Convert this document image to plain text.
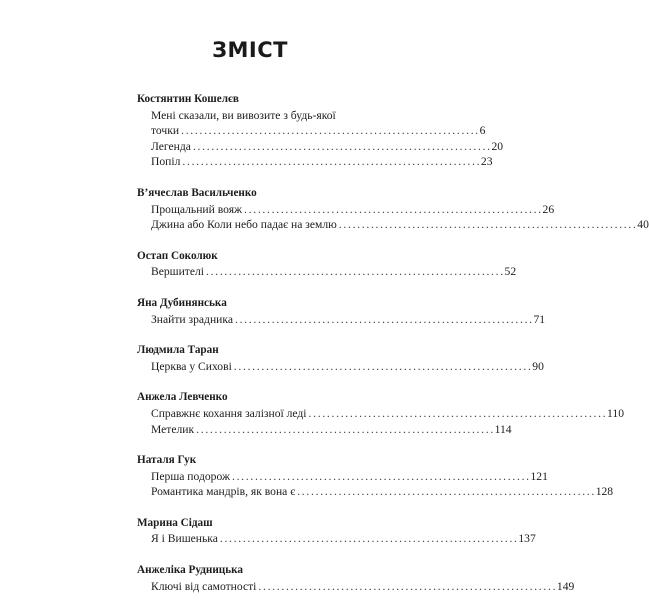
ЗМІСТ
Костянтин Кошелєв
Мені сказали, ви вивозите з будь-якої
точки . . .	6
Легенда . . .	20
Попіл . . .	23
В’ячеслав Васильченко
Прощальний вояж . . .	26
Джина або Коли небо падає на землю . . .	40
Остап Соколюк
Вершителі . . .	52
Яна Дубинянська
Знайти зрадника . . .	71
Людмила Таран
Церква у Сихові . . .	90
Анжела Левченко
Справжнє кохання залізної леді . . .	110
Метелик . . .	114
Наталя Гук
Перша подорож . . .	121
Романтика мандрів, як вона є . . .	128
Марина Сідаш
Я і Вишенька . . .	137
Анжеліка Рудницька
Ключі від самотності . . .	149
